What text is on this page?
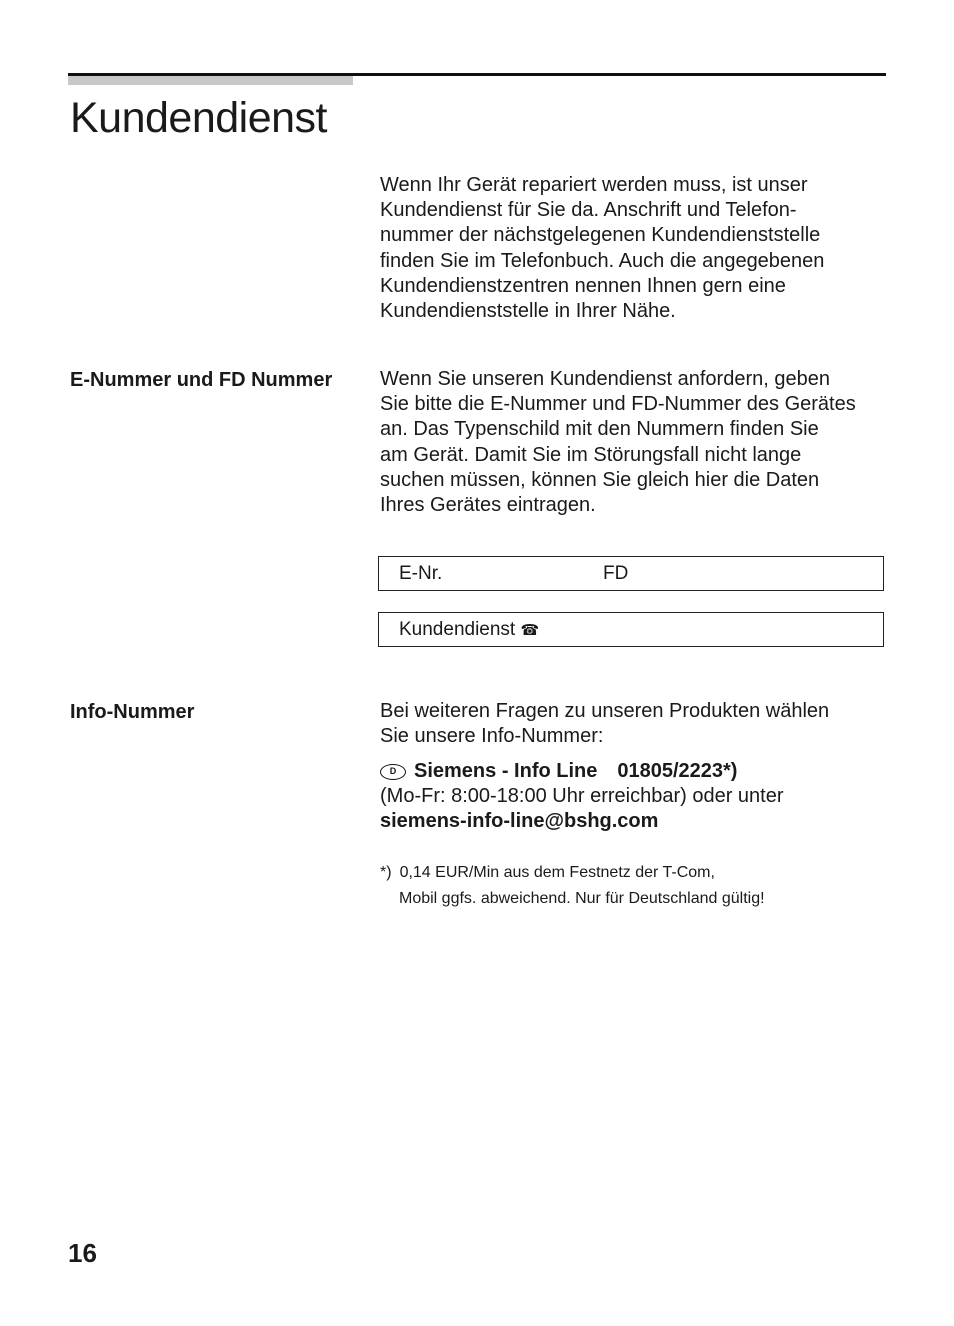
Kundendienst

Wenn Ihr Gerät repariert werden muss, ist unser

Kundendienst für Sie da. Anschrift und Telefon-

nummer der nächstgelegenen Kundendienststelle

finden Sie im Telefonbuch. Auch die angegebenen

Kundendienstzentren nennen Ihnen gern eine

Kundendienststelle in Ihrer Nähe.

E-Nummer und FD Nummer Wenn Sie unseren Kundendienst anfordern, geben

Sie bitte die E-Nummer und FD-Nummer des Gerätes

an. Das Typenschild mit den Nummern finden Sie

am Gerät. Damit Sie im Störungsfall nicht lange

suchen müssen, können Sie gleich hier die Daten

Ihres Gerätes eintragen.

E-Nr.	FD
Kundendienst ☎
Info-Nummer	Bei weiteren Fragen zu unseren Produkten wählen

Sie unsere Info-Nummer:

D Siemens - Info Line 01805/2223*)
(Mo-Fr: 8:00-18:00 Uhr erreichbar) oder unter
siemens-info-line@bshg.com
*) 0,14 EUR/Min aus dem Festnetz der T-Com,
Mobil ggfs. abweichend. Nur für Deutschland gültig!
16
